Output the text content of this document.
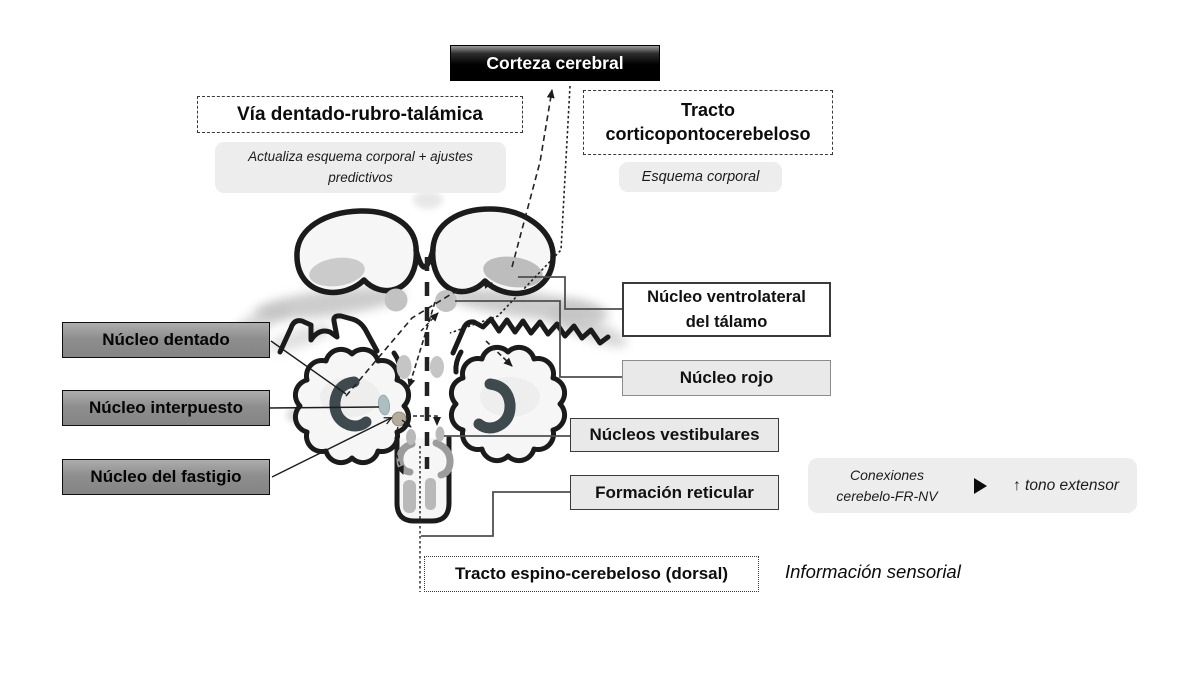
Corteza cerebral
Vía dentado-rubro-talámica
Actualiza esquema corporal + ajustes predictivos
Tracto corticopontocerebeloso
Esquema corporal
Núcleo dentado
Núcleo interpuesto
Núcleo del fastigio
Núcleo ventrolateral del tálamo
Núcleo rojo
Núcleos vestibulares
Formación reticular
Conexiones
cerebelo-FR-NV
↑ tono extensor
Tracto espino-cerebeloso (dorsal)	Información sensorial
